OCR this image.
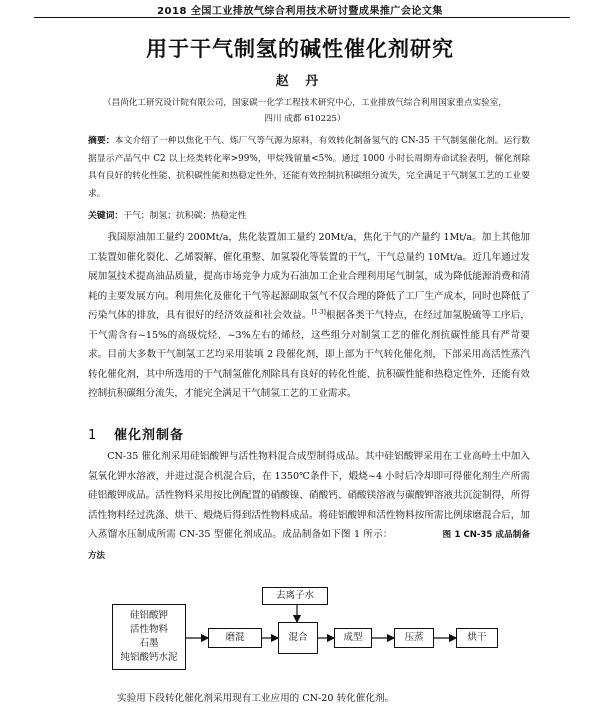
2018 全国工业排放气综合利用技术研讨暨成果推广会论文集
用于干气制氢的碱性催化剂研究
赵 丹
（昌尚化工研究设计院有限公司，国家碳一化学工程技术研究中心，工业排放气综合利用国家重点实验室，
四川 成都 610225）
摘要：本文介绍了一种以焦化干气、炼厂气等气源为原料，有效转化制备氢气的 CN-35 干气制氢催化剂。运行数据显示产品气中 C2 以上烃类转化率>99%，甲烷残留量<5%。通过 1000 小时长周期寿命试验表明，催化剂除具有良好的转化性能、抗积碳性能和热稳定性外，还能有效控制抗积碳组分流失，完全满足干气制氢工艺的工业要求。
关键词：干气；制氢；抗积碳；热稳定性

我国原油加工量约 200Mt/a，焦化装置加工量约 20Mt/a，焦化干气的产量约 1Mt/a。加上其他加工装置如催化裂化、乙烯裂解、催化重整、加氢裂化等装置的干气，干气总量约 10Mt/a。近几年通过发展加氢技术提高油品质量，提高市场竞争力成为石油加工企业合理利用尾气制氢，成为降低能源消费和清耗的主要发展方向。利用焦化及催化干气等起源副取氢气不仅合理的降低了工厂生产成本，同时也降低了污染气体的排放，具有很好的经济效益和社会效益。[1-3]根据各类干气特点，在经过加氢脱硫等工序后，干气需含有~15%的高级烷烃、~3%左右的烯烃，这些组分对制氢工艺的催化剂抗碳性能具有严苛要求。目前大多数干气制氢工艺均采用装填 2 段催化剂，即上部为干气转化催化剂，下部采用高活性蒸汽转化催化剂，其中所选用的干气制氢催化剂除具有良好的转化性能、抗积碳性能和热稳定性外，还能有效控制抗积碳组分流失，才能完全满足干气制氢工艺的工业需求。

1 催化剂制备

CN-35 催化剂采用硅铝酸钾与活性物料混合成型制得成品。其中硅铝酸钾采用在工业高岭土中加入氢氧化钾水溶液，并进过混合机混合后，在 1350℃条件下，煅烧~4 小时后冷却即可得催化剂生产所需硅铝酸钾成品。活性物料采用按比例配置的硝酸镍、硝酸钙、硝酸镁溶液与碳酸钾溶液共沉淀制得，所得活性物料经过洗涤、烘干、煅烧后得到活性物料成品。将硅铝酸钾和活性物料按所需比例球磨混合后，加入蒸馏水压制成所需 CN-35 型催化剂成品。成品制备如下图 1 所示：	图 1 CN-35 成品制备方法

硅铝酸钾
活性物料
石墨
纯铝酸钙水泥
去离子水
磨混	混合	成型	压蒸	烘干
实验用下段转化催化剂采用现有工业应用的 CN-20 转化催化剂。
